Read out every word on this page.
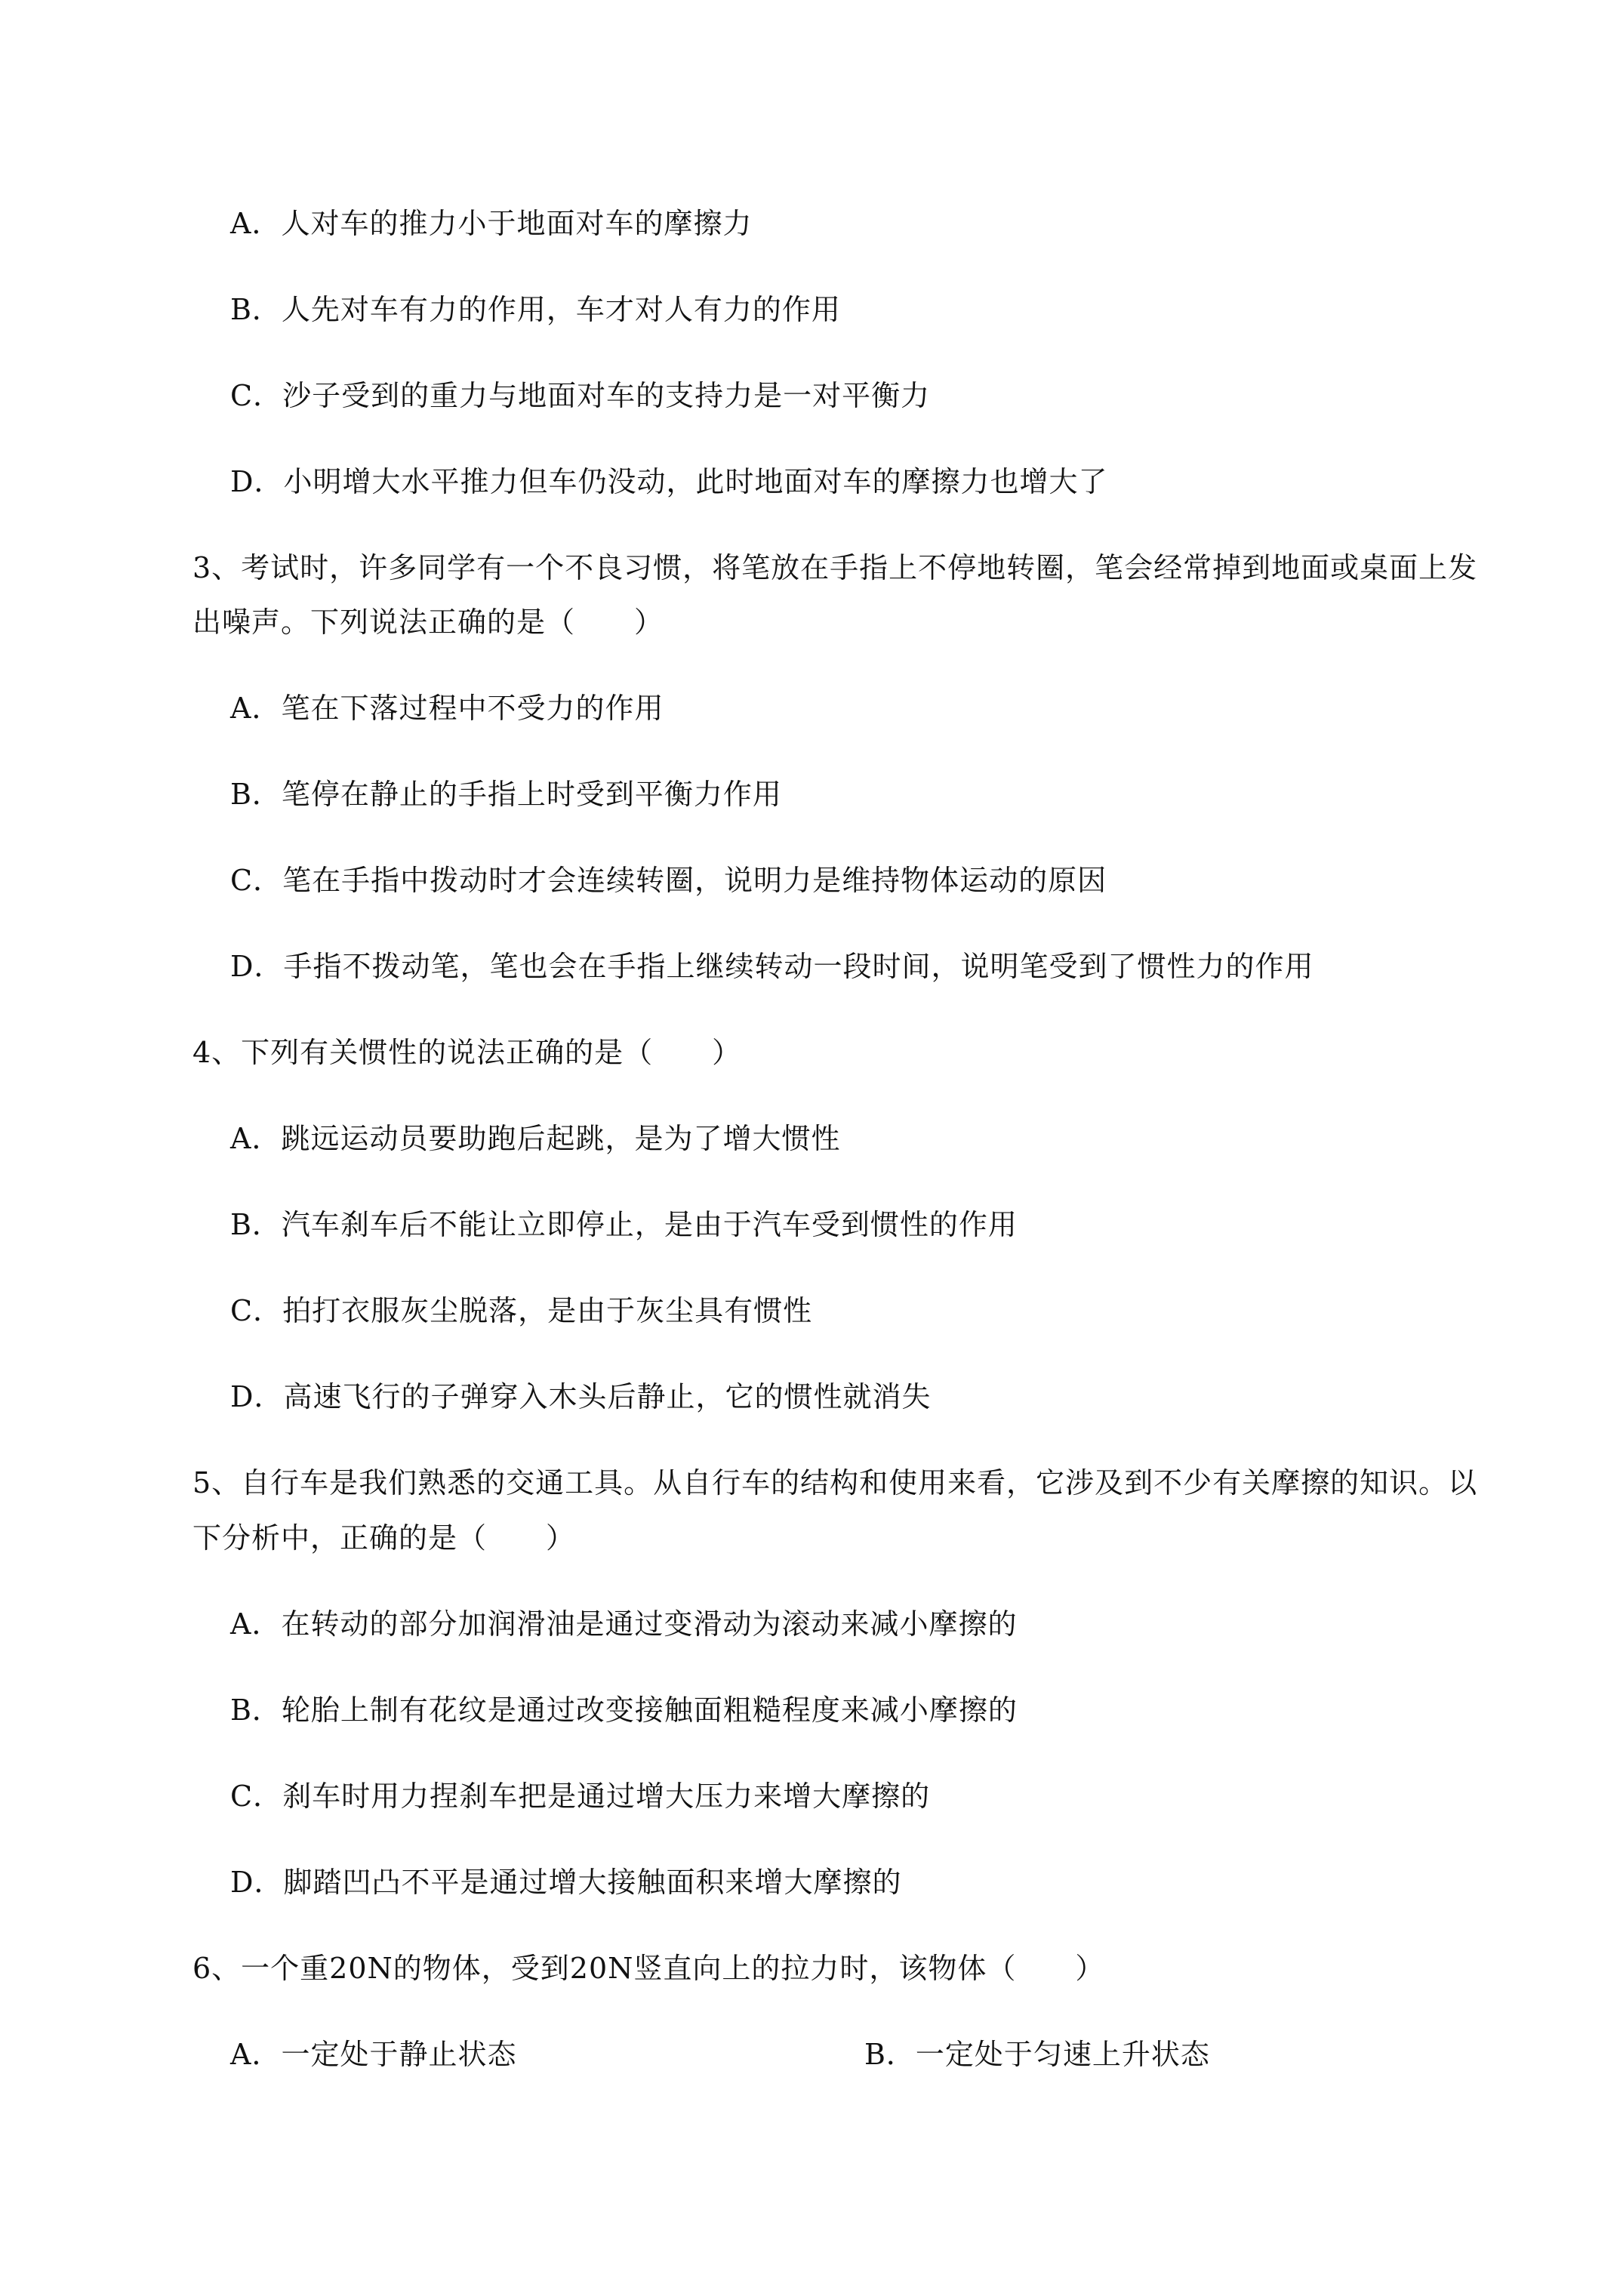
A．人对车的推力小于地面对车的摩擦力
B．人先对车有力的作用，车才对人有力的作用
C．沙子受到的重力与地面对车的支持力是一对平衡力
D．小明增大水平推力但车仍没动，此时地面对车的摩擦力也增大了
3、考试时，许多同学有一个不良习惯，将笔放在手指上不停地转圈，笔会经常掉到地面或桌面上发
出噪声。下列说法正确的是（　　）
A．笔在下落过程中不受力的作用
B．笔停在静止的手指上时受到平衡力作用
C．笔在手指中拨动时才会连续转圈，说明力是维持物体运动的原因
D．手指不拨动笔，笔也会在手指上继续转动一段时间，说明笔受到了惯性力的作用
4、下列有关惯性的说法正确的是（　　）
A．跳远运动员要助跑后起跳，是为了增大惯性
B．汽车刹车后不能让立即停止，是由于汽车受到惯性的作用
C．拍打衣服灰尘脱落，是由于灰尘具有惯性
D．高速飞行的子弹穿入木头后静止，它的惯性就消失
5、自行车是我们熟悉的交通工具。从自行车的结构和使用来看，它涉及到不少有关摩擦的知识。以
下分析中，正确的是（　　）
A．在转动的部分加润滑油是通过变滑动为滚动来减小摩擦的
B．轮胎上制有花纹是通过改变接触面粗糙程度来减小摩擦的
C．刹车时用力捏刹车把是通过增大压力来增大摩擦的
D．脚踏凹凸不平是通过增大接触面积来增大摩擦的
6、一个重20N的物体，受到20N竖直向上的拉力时，该物体（　　）
A．一定处于静止状态	B．一定处于匀速上升状态
